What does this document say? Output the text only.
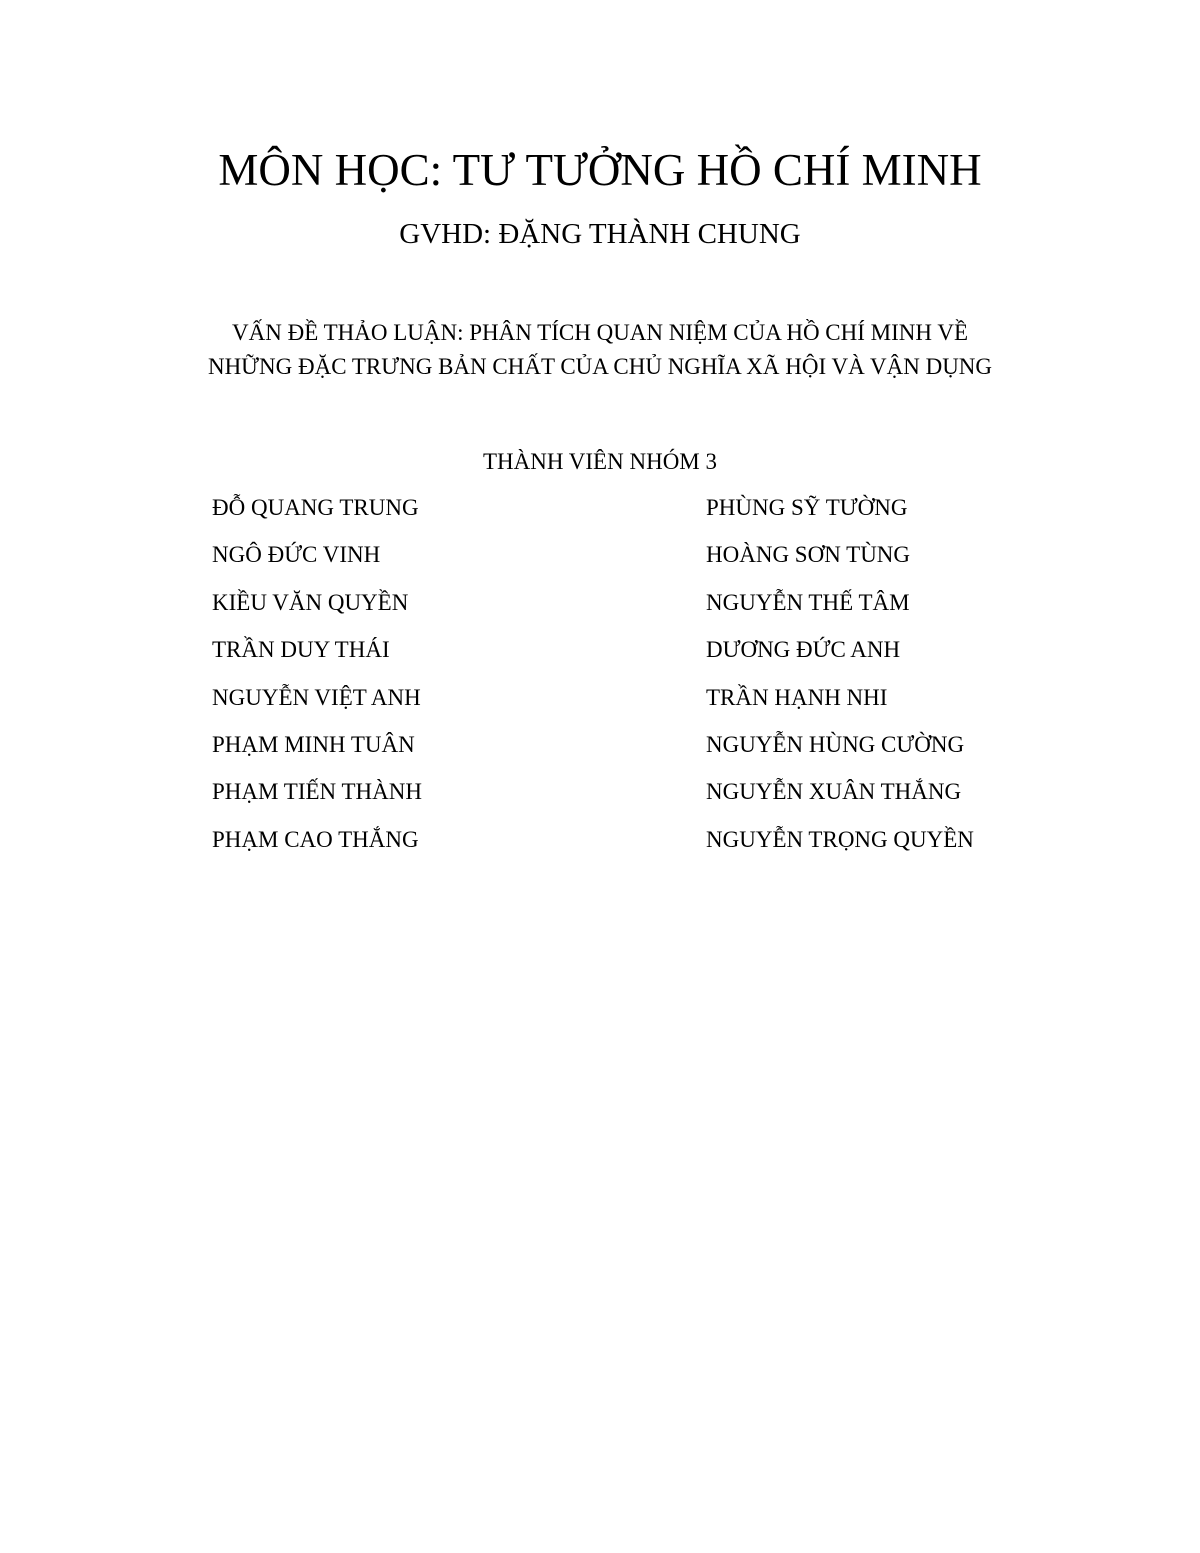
MÔN HỌC: TƯ TƯỞNG HỒ CHÍ MINH
GVHD: ĐẶNG THÀNH CHUNG
VẤN ĐỀ THẢO LUẬN: PHÂN TÍCH QUAN NIỆM CỦA HỒ CHÍ MINH VỀ
NHỮNG ĐẶC TRƯNG BẢN CHẤT CỦA CHỦ NGHĨA XÃ HỘI VÀ VẬN DỤNG
THÀNH VIÊN NHÓM 3
ĐỖ QUANG TRUNG
NGÔ ĐỨC VINH
KIỀU VĂN QUYỀN
TRẦN DUY THÁI
NGUYỄN VIỆT ANH
PHẠM MINH TUÂN
PHẠM TIẾN THÀNH
PHẠM CAO THẮNG
PHÙNG SỸ TƯỜNG
HOÀNG SƠN TÙNG
NGUYỄN THẾ TÂM
DƯƠNG ĐỨC ANH
TRẦN HẠNH NHI
NGUYỄN HÙNG CƯỜNG
NGUYỄN XUÂN THẮNG
NGUYỄN TRỌNG QUYỀN
